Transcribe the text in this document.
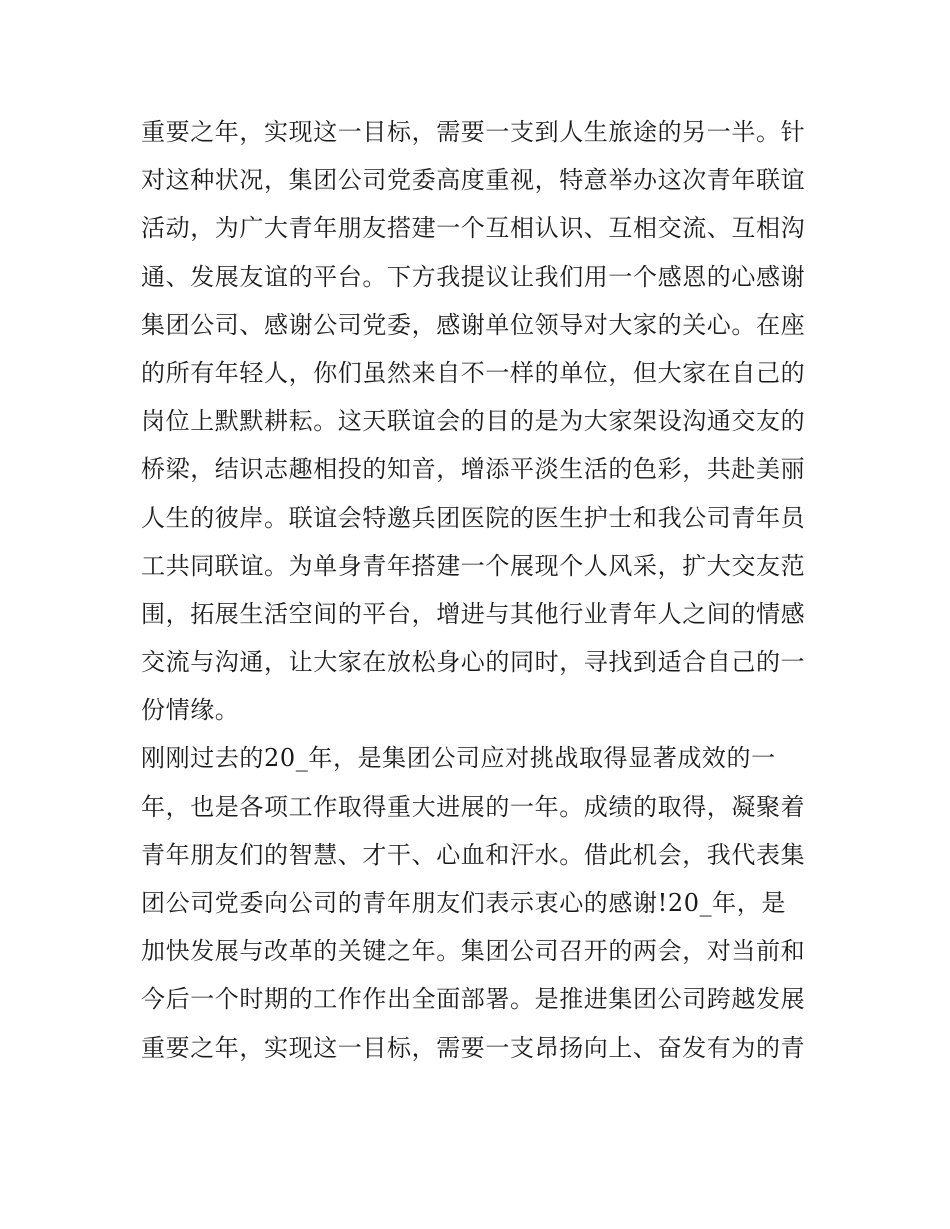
重要之年，实现这一目标，需要一支到人生旅途的另一半。针
对这种状况，集团公司党委高度重视，特意举办这次青年联谊
活动，为广大青年朋友搭建一个互相认识、互相交流、互相沟
通、发展友谊的平台。下方我提议让我们用一个感恩的心感谢
集团公司、感谢公司党委，感谢单位领导对大家的关心。在座
的所有年轻人，你们虽然来自不一样的单位，但大家在自己的
岗位上默默耕耘。这天联谊会的目的是为大家架设沟通交友的
桥梁，结识志趣相投的知音，增添平淡生活的色彩，共赴美丽
人生的彼岸。联谊会特邀兵团医院的医生护士和我公司青年员
工共同联谊。为单身青年搭建一个展现个人风采，扩大交友范
围，拓展生活空间的平台，增进与其他行业青年人之间的情感
交流与沟通，让大家在放松身心的同时，寻找到适合自己的一
份情缘。
刚刚过去的20_年，是集团公司应对挑战取得显著成效的一
年，也是各项工作取得重大进展的一年。成绩的取得，凝聚着
青年朋友们的智慧、才干、心血和汗水。借此机会，我代表集
团公司党委向公司的青年朋友们表示衷心的感谢!20_年，是
加快发展与改革的关键之年。集团公司召开的两会，对当前和
今后一个时期的工作作出全面部署。是推进集团公司跨越发展
重要之年，实现这一目标，需要一支昂扬向上、奋发有为的青
